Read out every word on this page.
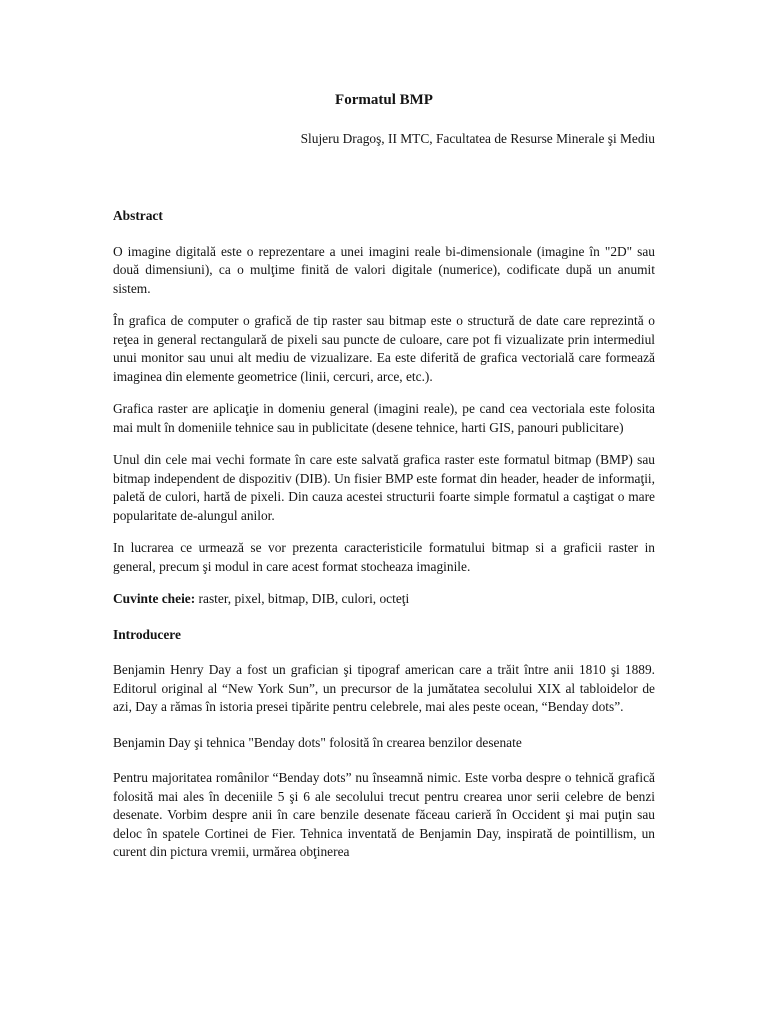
Formatul BMP

Slujeru Dragoş, II MTC, Facultatea de Resurse Minerale şi Mediu

Abstract

O imagine digitală este o reprezentare a unei imagini reale bi-dimensionale (imagine în "2D" sau două dimensiuni), ca o mulţime finită de valori digitale (numerice), codificate după un anumit sistem.

În grafica de computer o grafică de tip raster sau bitmap este o structură de date care reprezintă o reţea in general rectangulară de pixeli sau puncte de culoare, care pot fi vizualizate prin intermediul unui monitor sau unui alt mediu de vizualizare. Ea este diferită de grafica vectorială care formează imaginea din elemente geometrice (linii, cercuri, arce, etc.).

Grafica raster are aplicaţie in domeniu general (imagini reale), pe cand cea vectoriala este folosita mai mult în domeniile tehnice sau in publicitate (desene tehnice, harti GIS, panouri publicitare)

Unul din cele mai vechi formate în care este salvată grafica raster este formatul bitmap (BMP) sau bitmap independent de dispozitiv (DIB). Un fisier BMP este format din header, header de informaţii, paletă de culori, hartă de pixeli. Din cauza acestei structurii foarte simple formatul a caştigat o mare popularitate de-alungul anilor.

In lucrarea ce urmează se vor prezenta caracteristicile formatului bitmap si a graficii raster in general, precum şi modul in care acest format stocheaza imaginile.

Cuvinte cheie: raster, pixel, bitmap, DIB, culori, octeţi

Introducere

Benjamin Henry Day a fost un grafician şi tipograf american care a trăit între anii 1810 şi 1889. Editorul original al “New York Sun”, un precursor de la jumătatea secolului XIX al tabloidelor de azi, Day a rămas în istoria presei tipărite pentru celebrele, mai ales peste ocean, “Benday dots”.

Benjamin Day şi tehnica "Benday dots" folosită în crearea benzilor desenate

Pentru majoritatea românilor “Benday dots” nu înseamnă nimic. Este vorba despre o tehnică grafică folosită mai ales în deceniile 5 şi 6 ale secolului trecut pentru crearea unor serii celebre de benzi desenate. Vorbim despre anii în care benzile desenate făceau carieră în Occident şi mai puţin sau deloc în spatele Cortinei de Fier. Tehnica inventată de Benjamin Day, inspirată de pointillism, un curent din pictura vremii, urmărea obţinerea
